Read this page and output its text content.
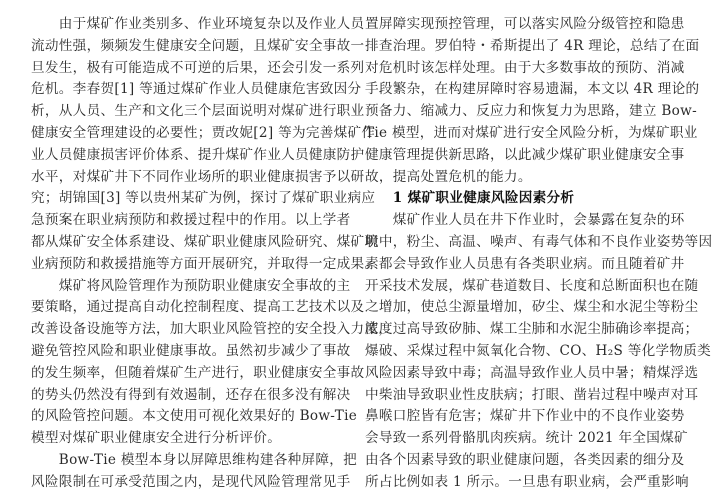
　　由于煤矿作业类别多、作业环境复杂以及作业人员
流动性强，频频发生健康安全问题，且煤矿安全事故一
旦发生，极有可能造成不可逆的后果，还会引发一系列
危机。李春贺[1] 等通过煤矿作业人员健康危害致因分
析，从人员、生产和文化三个层面说明对煤矿进行职业
健康安全管理建设的必要性；贾改妮[2] 等为完善煤矿作
业人员健康损害评价体系、提升煤矿作业人员健康防护
水平，对煤矿井下不同作业场所的职业健康损害予以研
究；胡锦国[3] 等以贵州某矿为例，探讨了煤矿职业病应
急预案在职业病预防和救援过程中的作用。以上学者
都从煤矿安全体系建设、煤矿职业健康风险研究、煤矿职
业病预防和救援措施等方面开展研究，并取得一定成果。
　　煤矿将风险管理作为预防职业健康安全事故的主
要策略，通过提高自动化控制程度、提高工艺技术以及
改善设备设施等方法，加大职业风险管控的安全投入力度，
避免管控风险和职业健康事故。虽然初步减少了事故
的发生频率，但随着煤矿生产进行，职业健康安全事故
的势头仍然没有得到有效遏制，还存在很多没有解决
的风险管控问题。本文使用可视化效果好的 Bow-Tie
模型对煤矿职业健康安全进行分析评价。
　　Bow-Tie 模型本身以屏障思维构建各种屏障，把
风险限制在可承受范围之内，是现代风险管理常见手
置屏障实现预控管理，可以落实风险分级管控和隐患
排查治理。罗伯特・希斯提出了 4R 理论，总结了在面
对危机时该怎样处理。由于大多数事故的预防、消减
手段繁杂，在构建屏障时容易遗漏，本文以 4R 理论的
预备力、缩减力、反应力和恢复力为思路，建立 Bow-
Tie 模型，进而对煤矿进行安全风险分析，为煤矿职业
健康管理提供新思路，以此减少煤矿职业健康安全事
故，提高处置危机的能力。
　　1 煤矿职业健康风险因素分析
　　煤矿作业人员在井下作业时，会暴露在复杂的环
境中，粉尘、高温、噪声、有毒气体和不良作业姿势等因
素都会导致作业人员患有各类职业病。而且随着矿井
开采技术发展，煤矿巷道数目、长度和总断面积也在随
之增加，使总尘源量增加，矽尘、煤尘和水泥尘等粉尘
浓度过高导致矽肺、煤工尘肺和水泥尘肺确诊率提高；
爆破、采煤过程中氮氧化合物、CO、H₂S 等化学物质类
风险因素导致中毒；高温导致作业人员中暑；精煤浮选
中柴油导致职业性皮肤病；打眼、凿岩过程中噪声对耳
鼻喉口腔皆有危害；煤矿井下作业中的不良作业姿势
会导致一系列骨骼肌肉疾病。统计 2021 年全国煤矿
由各个因素导致的职业健康问题，各类因素的细分及
所占比例如表 1 所示。一旦患有职业病，会严重影响
